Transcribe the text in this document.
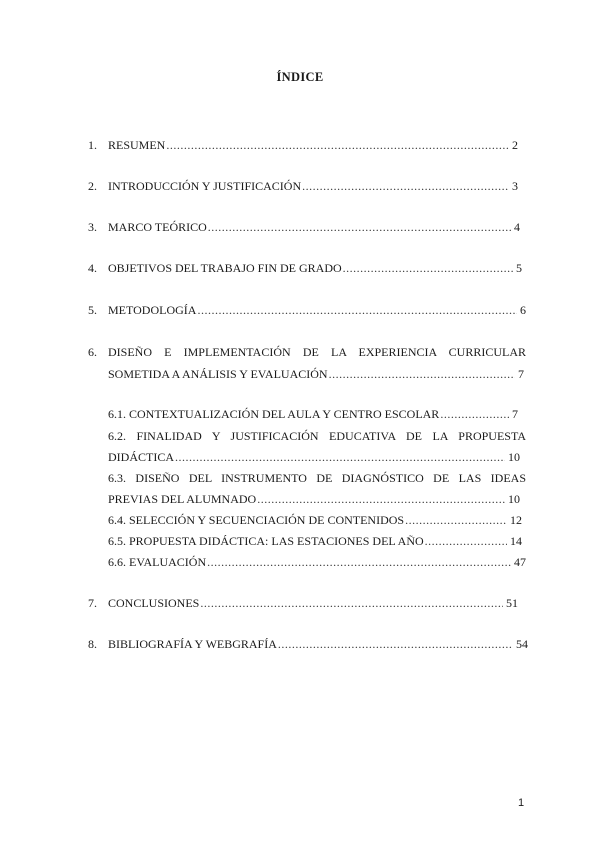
ÍNDICE
1. RESUMEN .....	2
2. INTRODUCCIÓN Y JUSTIFICACIÓN .....	3
3. MARCO TEÓRICO .....	4
4. OBJETIVOS DEL TRABAJO FIN DE GRADO .....	5
5. METODOLOGÍA .....	6
6. DISEÑO E IMPLEMENTACIÓN DE LA EXPERIENCIA CURRICULAR
SOMETIDA A ANÁLISIS Y EVALUACIÓN .....	7
6.1. CONTEXTUALIZACIÓN DEL AULA Y CENTRO ESCOLAR .....	7
6.2. FINALIDAD Y JUSTIFICACIÓN EDUCATIVA DE LA PROPUESTA
DIDÁCTICA .....	10
6.3. DISEÑO DEL INSTRUMENTO DE DIAGNÓSTICO DE LAS IDEAS
PREVIAS DEL ALUMNADO .....	10
6.4. SELECCIÓN Y SECUENCIACIÓN DE CONTENIDOS .....	12
6.5. PROPUESTA DIDÁCTICA: LAS ESTACIONES DEL AÑO .....	14
6.6. EVALUACIÓN .....	47
7. CONCLUSIONES .....	51
8. BIBLIOGRAFÍA Y WEBGRAFÍA .....	54
1
